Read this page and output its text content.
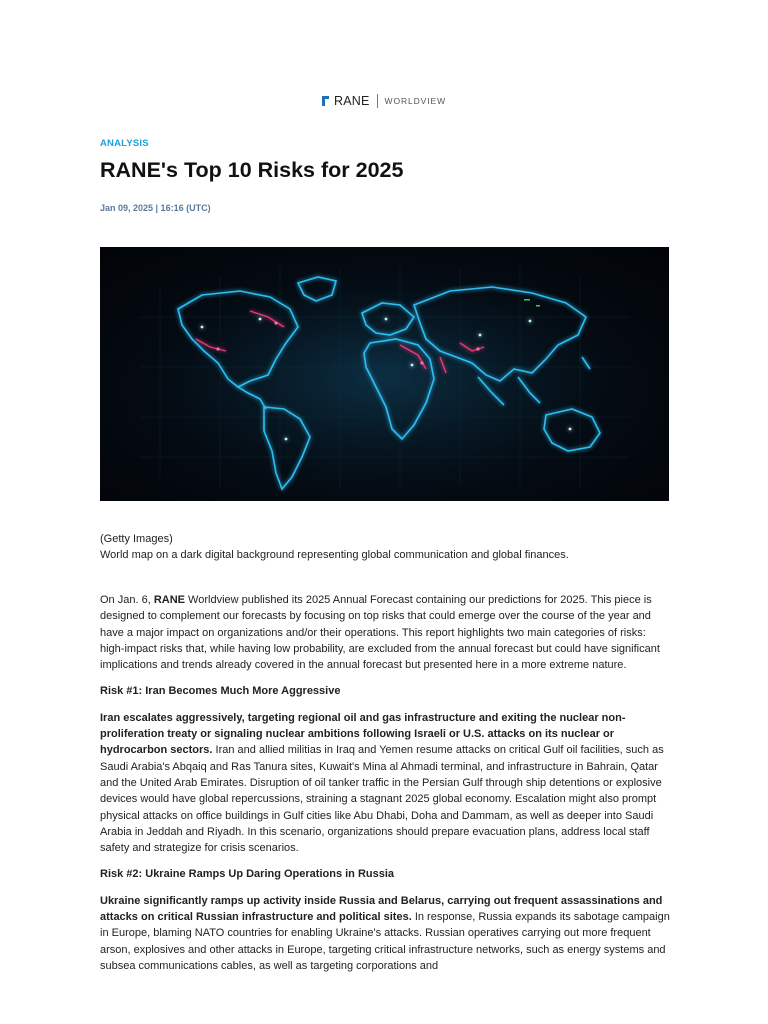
RANE WORLDVIEW
ANALYSIS
RANE's Top 10 Risks for 2025
Jan 09, 2025 | 16:16 (UTC)
(Getty Images)
World map on a dark digital background representing global communication and global finances.

On Jan. 6, RANE Worldview published its 2025 Annual Forecast containing our predictions for 2025. This piece is designed to complement our forecasts by focusing on top risks that could emerge over the course of the year and have a major impact on organizations and/or their operations. This report highlights two main categories of risks: high-impact risks that, while having low probability, are excluded from the annual forecast but could have significant implications and trends already covered in the annual forecast but presented here in a more extreme nature.

Risk #1: Iran Becomes Much More Aggressive

Iran escalates aggressively, targeting regional oil and gas infrastructure and exiting the nuclear non-proliferation treaty or signaling nuclear ambitions following Israeli or U.S. attacks on its nuclear or hydrocarbon sectors. Iran and allied militias in Iraq and Yemen resume attacks on critical Gulf oil facilities, such as Saudi Arabia's Abqaiq and Ras Tanura sites, Kuwait's Mina al Ahmadi terminal, and infrastructure in Bahrain, Qatar and the United Arab Emirates. Disruption of oil tanker traffic in the Persian Gulf through ship detentions or explosive devices would have global repercussions, straining a stagnant 2025 global economy. Escalation might also prompt physical attacks on office buildings in Gulf cities like Abu Dhabi, Doha and Dammam, as well as deeper into Saudi Arabia in Jeddah and Riyadh. In this scenario, organizations should prepare evacuation plans, address local staff safety and strategize for crisis scenarios.

Risk #2: Ukraine Ramps Up Daring Operations in Russia

Ukraine significantly ramps up activity inside Russia and Belarus, carrying out frequent assassinations and attacks on critical Russian infrastructure and political sites. In response, Russia expands its sabotage campaign in Europe, blaming NATO countries for enabling Ukraine's attacks. Russian operatives carrying out more frequent arson, explosives and other attacks in Europe, targeting critical infrastructure networks, such as energy systems and subsea communications cables, as well as targeting corporations and
